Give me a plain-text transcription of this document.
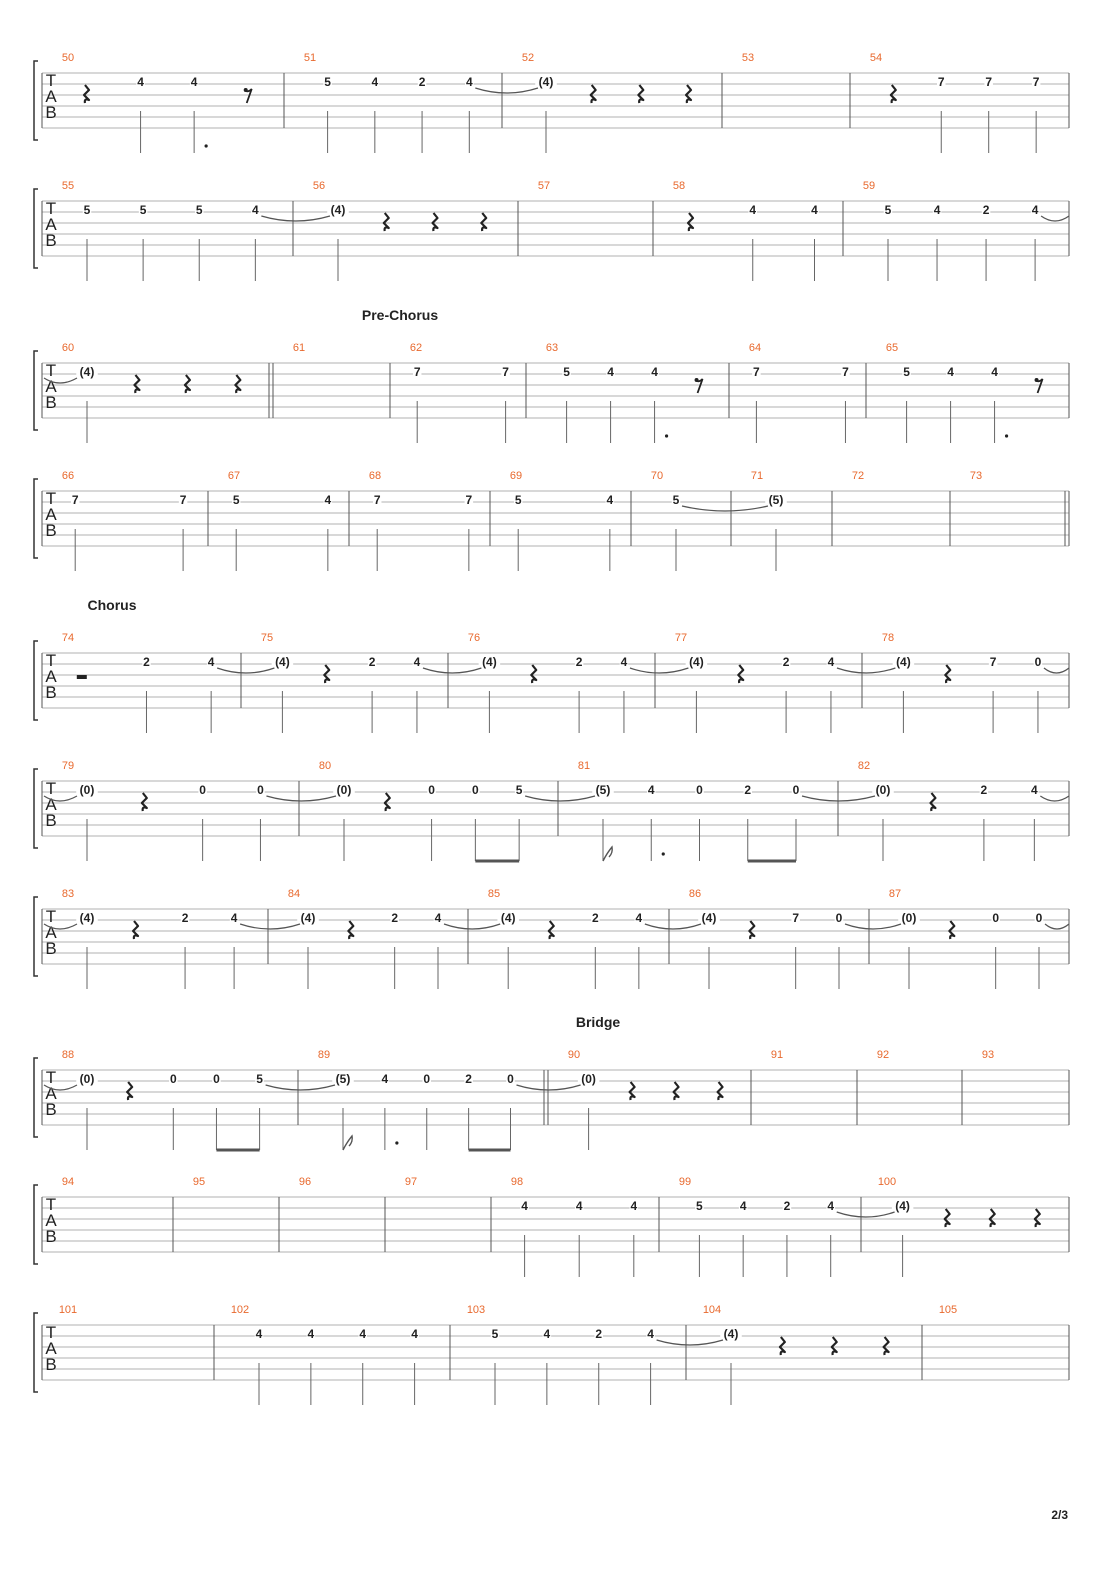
T
A
B
50
4	4
51
5	4	2	4
52
(4)
53	54
7	7	7
T
A
B
55
5	5	5	4
56
(4)
57	58
4	4
59
5	4	2	4
T
A
B
60
(4)
61	62
Pre-Chorus
7	7
63
5	4	4
64
7	7
65
5	4	4
T
A
B
66
7	7
67
5	4
68
7	7
69
5	4
70
5
71
(5)
72	73
T
A
B
74
Chorus
2	4
75
(4)	2	4
76
(4)	2	4
77
(4)	2	4
78
(4)	7	0
T
A
B
79
(0)	0	0
80
(0)	0	0	5
81
(5)	4	0	2	0
82
(0)	2	4
T
A
B
83
(4)	2	4
84
(4)	2	4
85
(4)	2	4
86
(4)	7	0
87
(0)	0	0
T
A
B
88
(0)	0	0	5
89
(5)	4	0	2	0
90
Bridge
(0)
91	92	93
T
A
B
94	95	96	97	98
4	4	4
99
5	4	2	4
100
(4)
T
A
B
101	102
4	4	4	4
103
5	4	2	4
104
(4)
105
2/3
